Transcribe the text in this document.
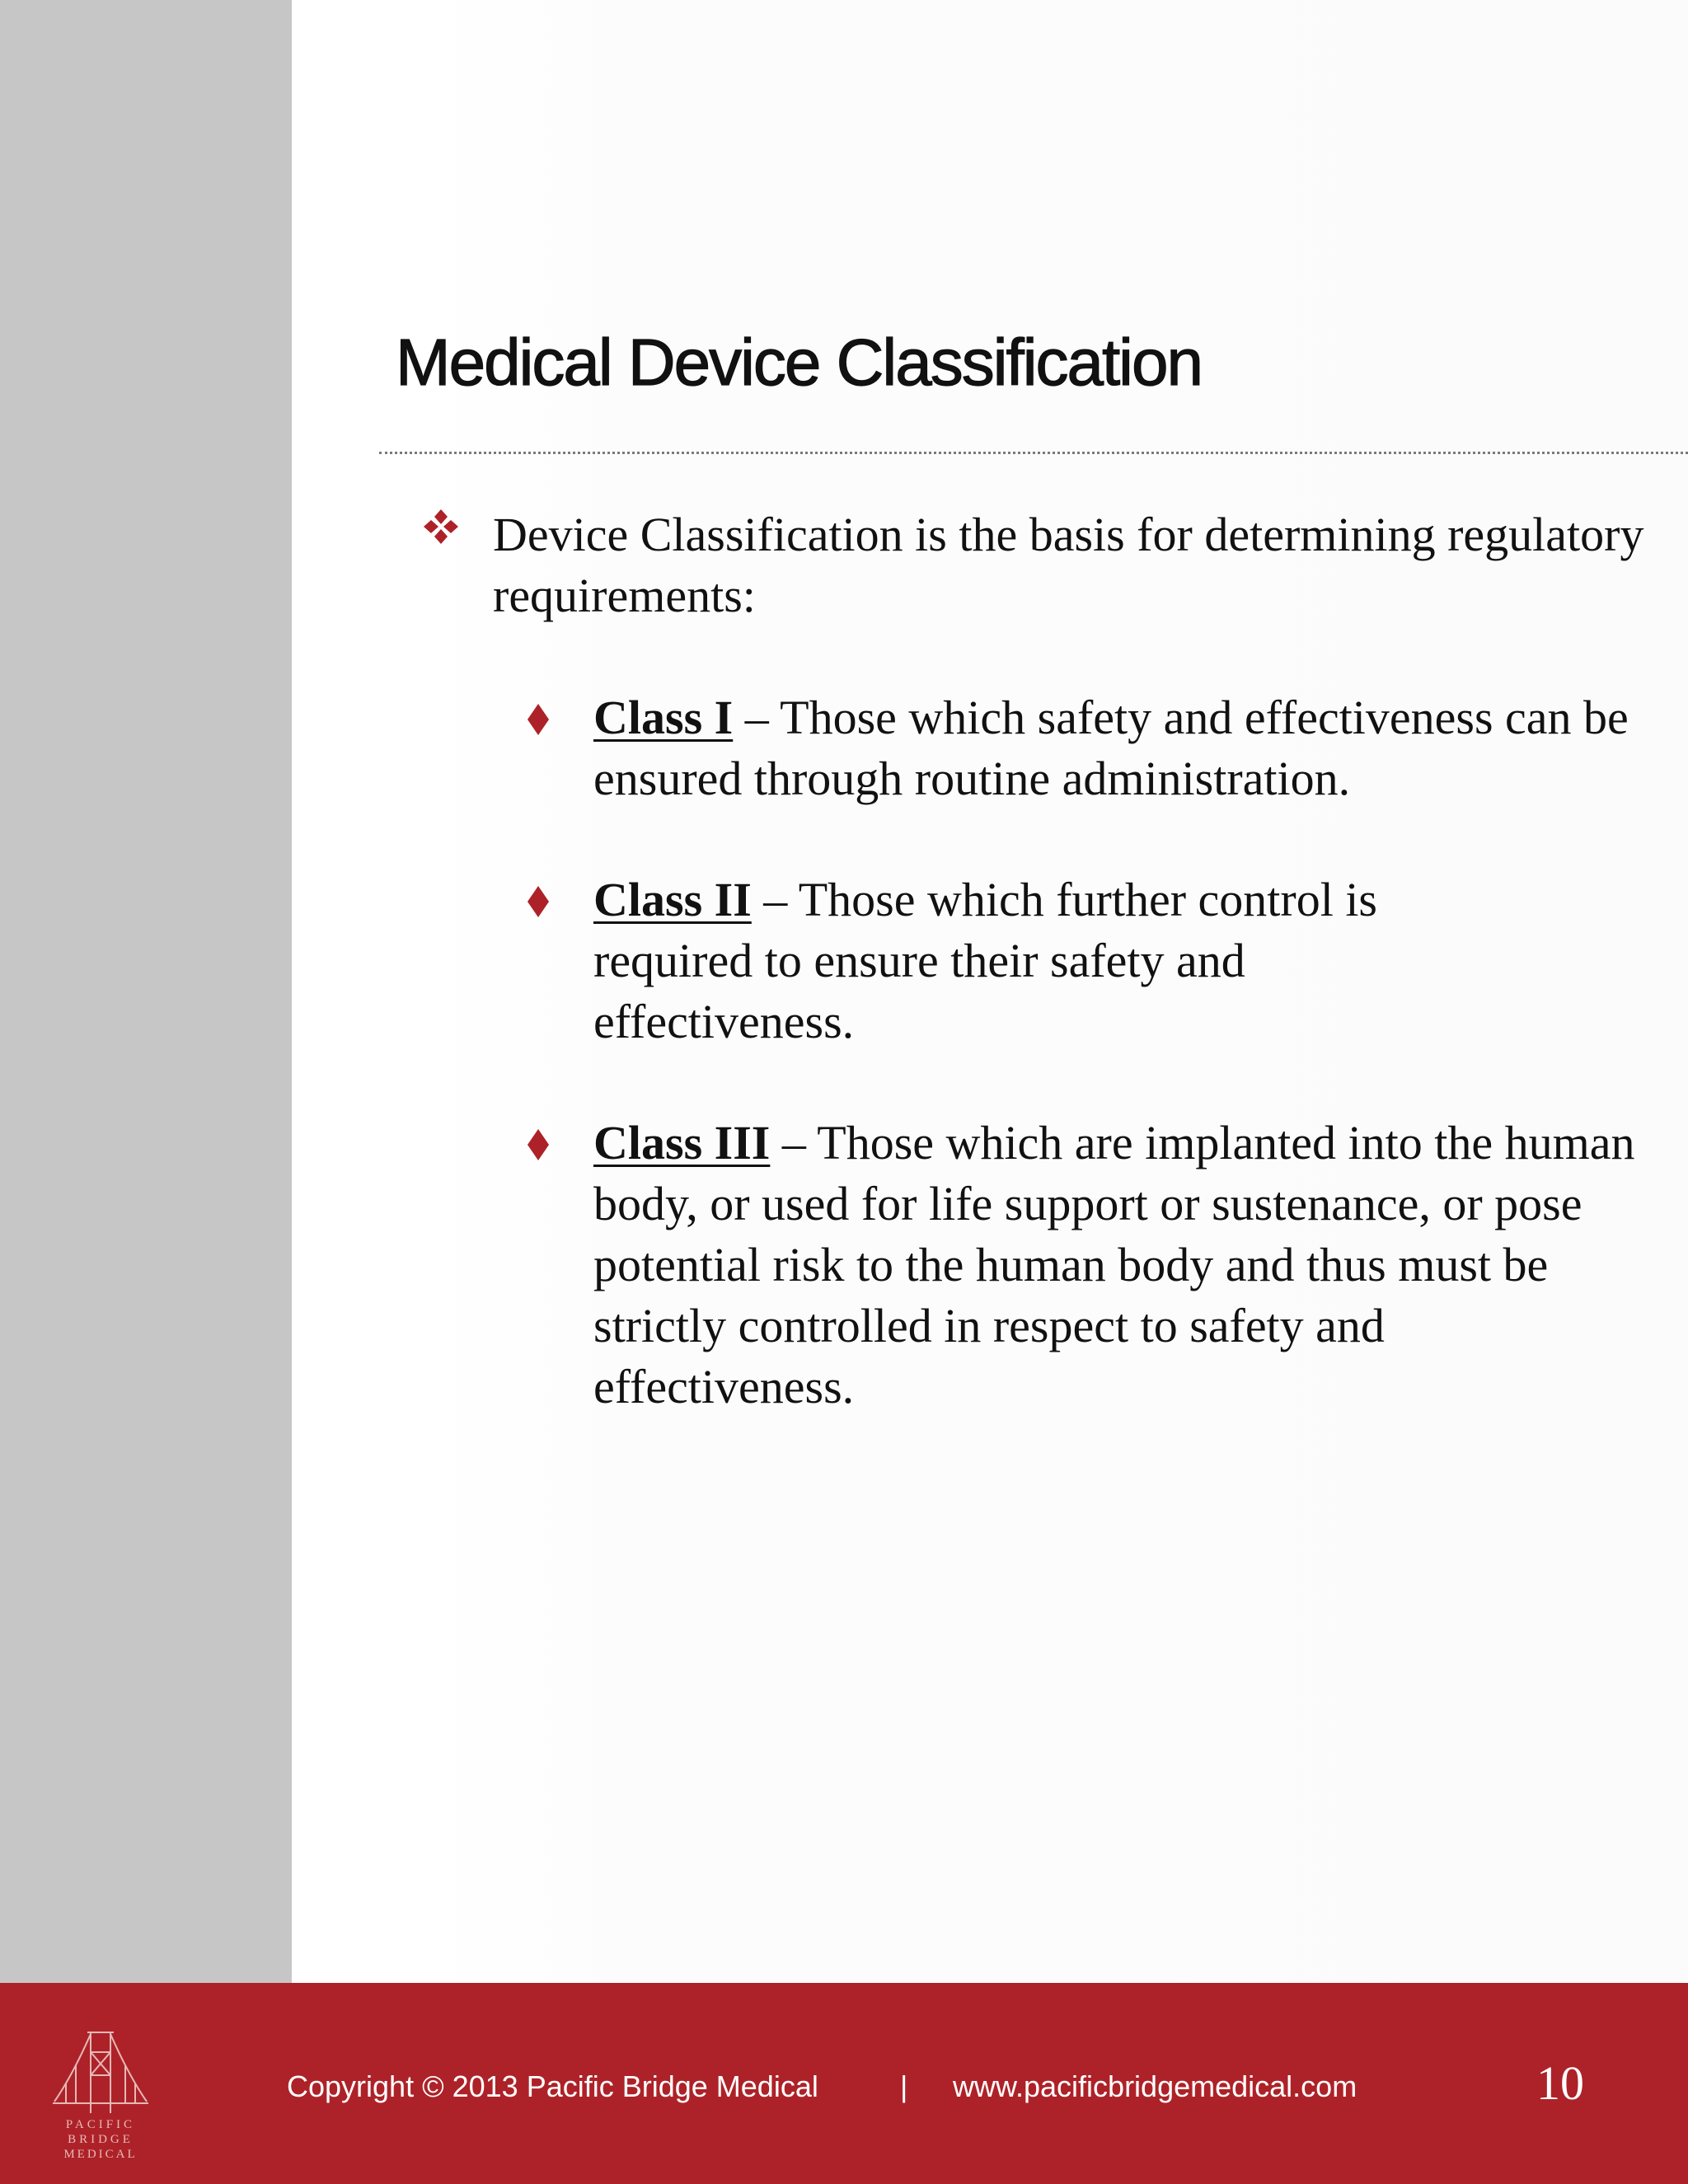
Medical Device Classification

Device Classification is the basis for determining regulatory requirements:

Class I – Those which safety and effectiveness can be ensured through routine administration.

Class II – Those which further control is required to ensure their safety and effectiveness.

Class III – Those which are implanted into the human body, or used for life support or sustenance, or pose potential risk to the human body and thus must be strictly controlled in respect to safety and effectiveness.

PACIFIC
BRIDGE
MEDICAL
Copyright © 2013 Pacific Bridge Medical	| www.pacificbridgemedical.com	10
